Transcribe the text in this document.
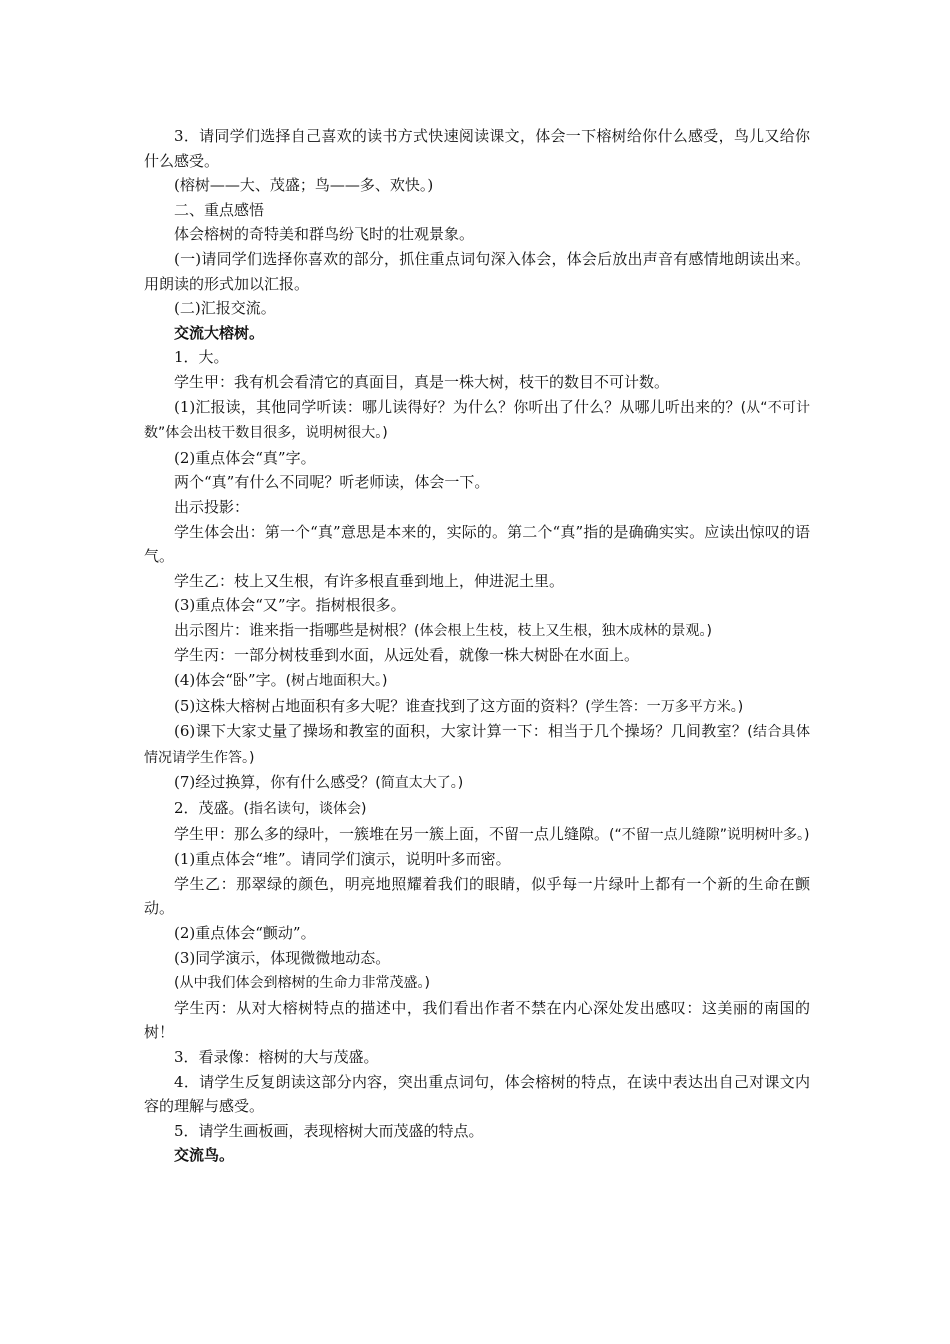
3．请同学们选择自己喜欢的读书方式快速阅读课文，体会一下榕树给你什么感受，鸟儿又给你什么感受。

(榕树——大、茂盛；鸟——多、欢快。)

二、重点感悟

体会榕树的奇特美和群鸟纷飞时的壮观景象。

(一)请同学们选择你喜欢的部分，抓住重点词句深入体会，体会后放出声音有感情地朗读出来。用朗读的形式加以汇报。

(二)汇报交流。

交流大榕树。

1．大。

学生甲：我有机会看清它的真面目，真是一株大树，枝干的数目不可计数。

(1)汇报读，其他同学听读：哪儿读得好？为什么？你听出了什么？从哪儿听出来的？(从“不可计数”体会出枝干数目很多，说明树很大。)

(2)重点体会“真”字。

两个“真”有什么不同呢？听老师读，体会一下。

出示投影：

学生体会出：第一个“真”意思是本来的，实际的。第二个“真”指的是确确实实。应读出惊叹的语气。

学生乙：枝上又生根，有许多根直垂到地上，伸进泥土里。

(3)重点体会“又”字。指树根很多。

出示图片：谁来指一指哪些是树根？(体会根上生枝，枝上又生根，独木成林的景观。)

学生丙：一部分树枝垂到水面，从远处看，就像一株大树卧在水面上。

(4)体会“卧”字。(树占地面积大。)

(5)这株大榕树占地面积有多大呢？谁查找到了这方面的资料？(学生答：一万多平方米。)

(6)课下大家丈量了操场和教室的面积，大家计算一下：相当于几个操场？几间教室？(结合具体情况请学生作答。)

(7)经过换算，你有什么感受？(简直太大了。)

2．茂盛。(指名读句，谈体会)

学生甲：那么多的绿叶，一簇堆在另一簇上面，不留一点儿缝隙。(“不留一点儿缝隙”说明树叶多。)

(1)重点体会“堆”。请同学们演示，说明叶多而密。

学生乙：那翠绿的颜色，明亮地照耀着我们的眼睛，似乎每一片绿叶上都有一个新的生命在颤动。

(2)重点体会“颤动”。

(3)同学演示，体现微微地动态。

(从中我们体会到榕树的生命力非常茂盛。)

学生丙：从对大榕树特点的描述中，我们看出作者不禁在内心深处发出感叹：这美丽的南国的树！

3．看录像：榕树的大与茂盛。

4．请学生反复朗读这部分内容，突出重点词句，体会榕树的特点，在读中表达出自己对课文内容的理解与感受。

5．请学生画板画，表现榕树大而茂盛的特点。

交流鸟。
